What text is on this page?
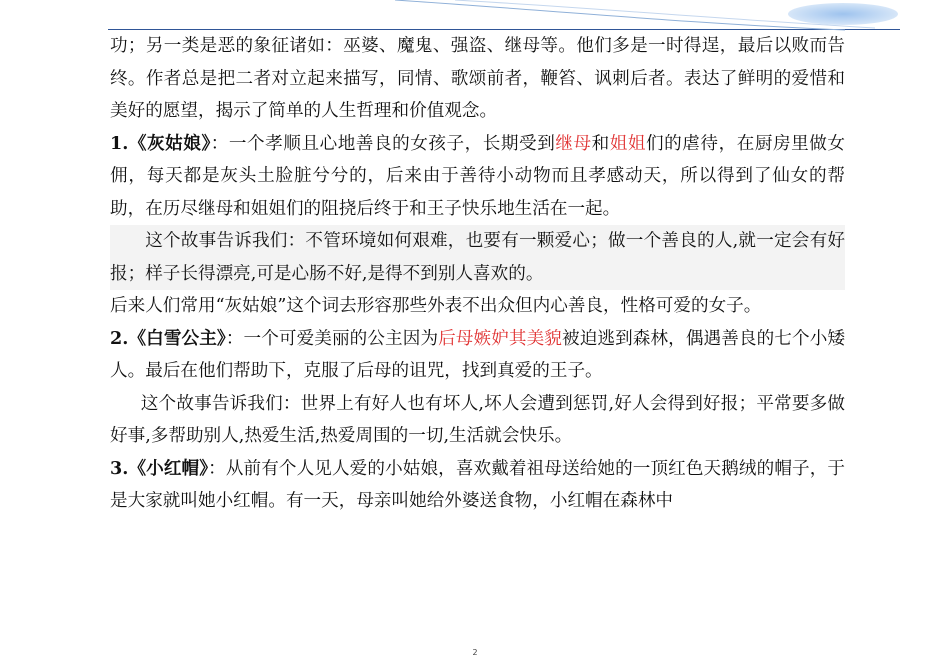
功；另一类是恶的象征诸如：巫婆、魔鬼、强盗、继母等。他们多是一时得逞，最后以败而告终。作者总是把二者对立起来描写，同情、歌颂前者，鞭笞、讽刺后者。表达了鲜明的爱惜和美好的愿望，揭示了简单的人生哲理和价值观念。

1.《灰姑娘》：一个孝顺且心地善良的女孩子，长期受到继母和姐姐们的虐待，在厨房里做女佣，每天都是灰头土脸脏兮兮的，后来由于善待小动物而且孝感动天，所以得到了仙女的帮助，在历尽继母和姐姐们的阻挠后终于和王子快乐地生活在一起。

这个故事告诉我们：不管环境如何艰难，也要有一颗爱心；做一个善良的人,就一定会有好报；样子长得漂亮,可是心肠不好,是得不到别人喜欢的。

后来人们常用“灰姑娘”这个词去形容那些外表不出众但内心善良，性格可爱的女子。

2.《白雪公主》：一个可爱美丽的公主因为后母嫉妒其美貌被迫逃到森林，偶遇善良的七个小矮人。最后在他们帮助下，克服了后母的诅咒，找到真爱的王子。

这个故事告诉我们：世界上有好人也有坏人,坏人会遭到惩罚,好人会得到好报；平常要多做好事,多帮助别人,热爱生活,热爱周围的一切,生活就会快乐。

3.《小红帽》：从前有个人见人爱的小姑娘，喜欢戴着祖母送给她的一顶红色天鹅绒的帽子，于是大家就叫她小红帽。有一天，母亲叫她给外婆送食物，小红帽在森林中

2
